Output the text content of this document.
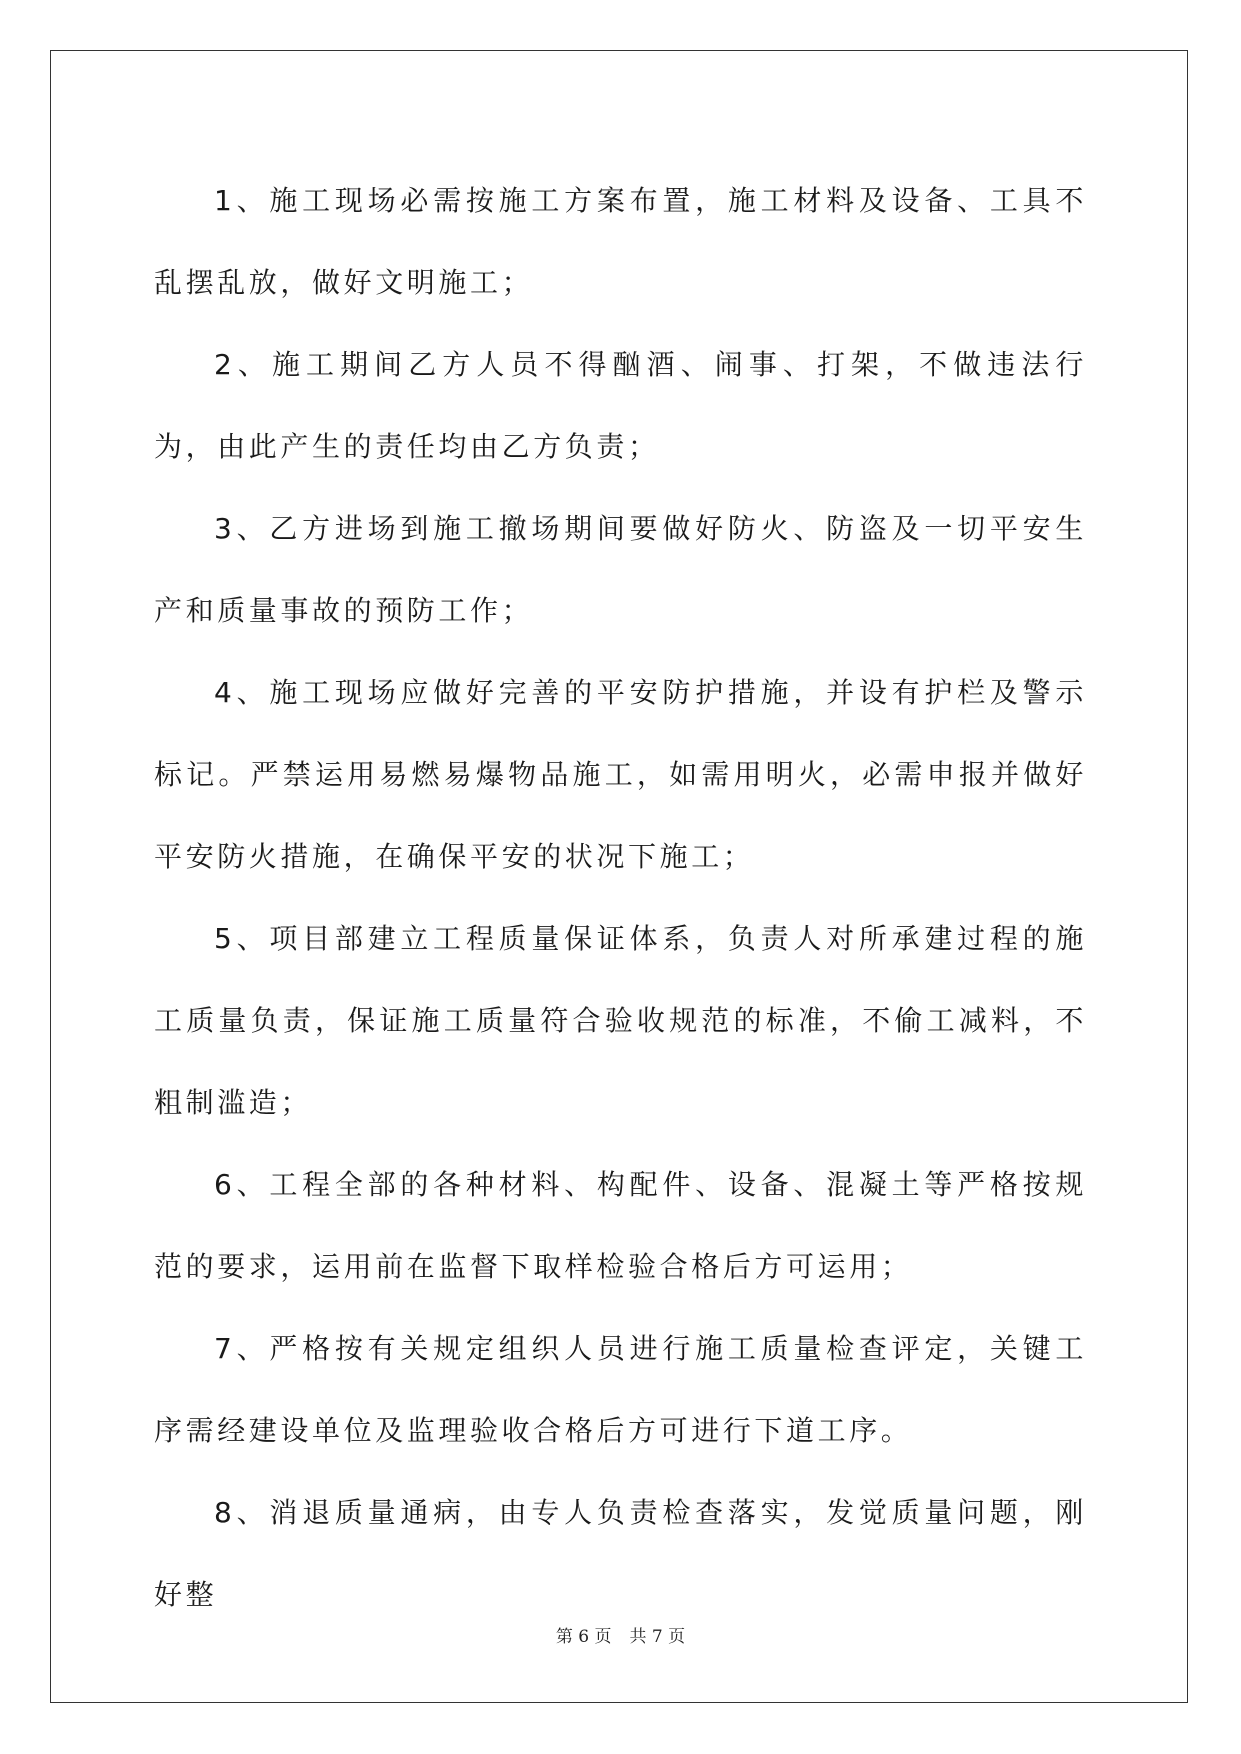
1、施工现场必需按施工方案布置，施工材料及设备、工具不乱摆乱放，做好文明施工；

2、施工期间乙方人员不得酗酒、闹事、打架，不做违法行为，由此产生的责任均由乙方负责；

3、乙方进场到施工撤场期间要做好防火、防盗及一切平安生产和质量事故的预防工作；

4、施工现场应做好完善的平安防护措施，并设有护栏及警示标记。严禁运用易燃易爆物品施工，如需用明火，必需申报并做好平安防火措施，在确保平安的状况下施工；

5、项目部建立工程质量保证体系，负责人对所承建过程的施工质量负责，保证施工质量符合验收规范的标准，不偷工减料，不粗制滥造；

6、工程全部的各种材料、构配件、设备、混凝土等严格按规范的要求，运用前在监督下取样检验合格后方可运用；

7、严格按有关规定组织人员进行施工质量检查评定，关键工序需经建设单位及监理验收合格后方可进行下道工序。

8、消退质量通病，由专人负责检查落实，发觉质量问题，刚好整

第 6 页 共 7 页
